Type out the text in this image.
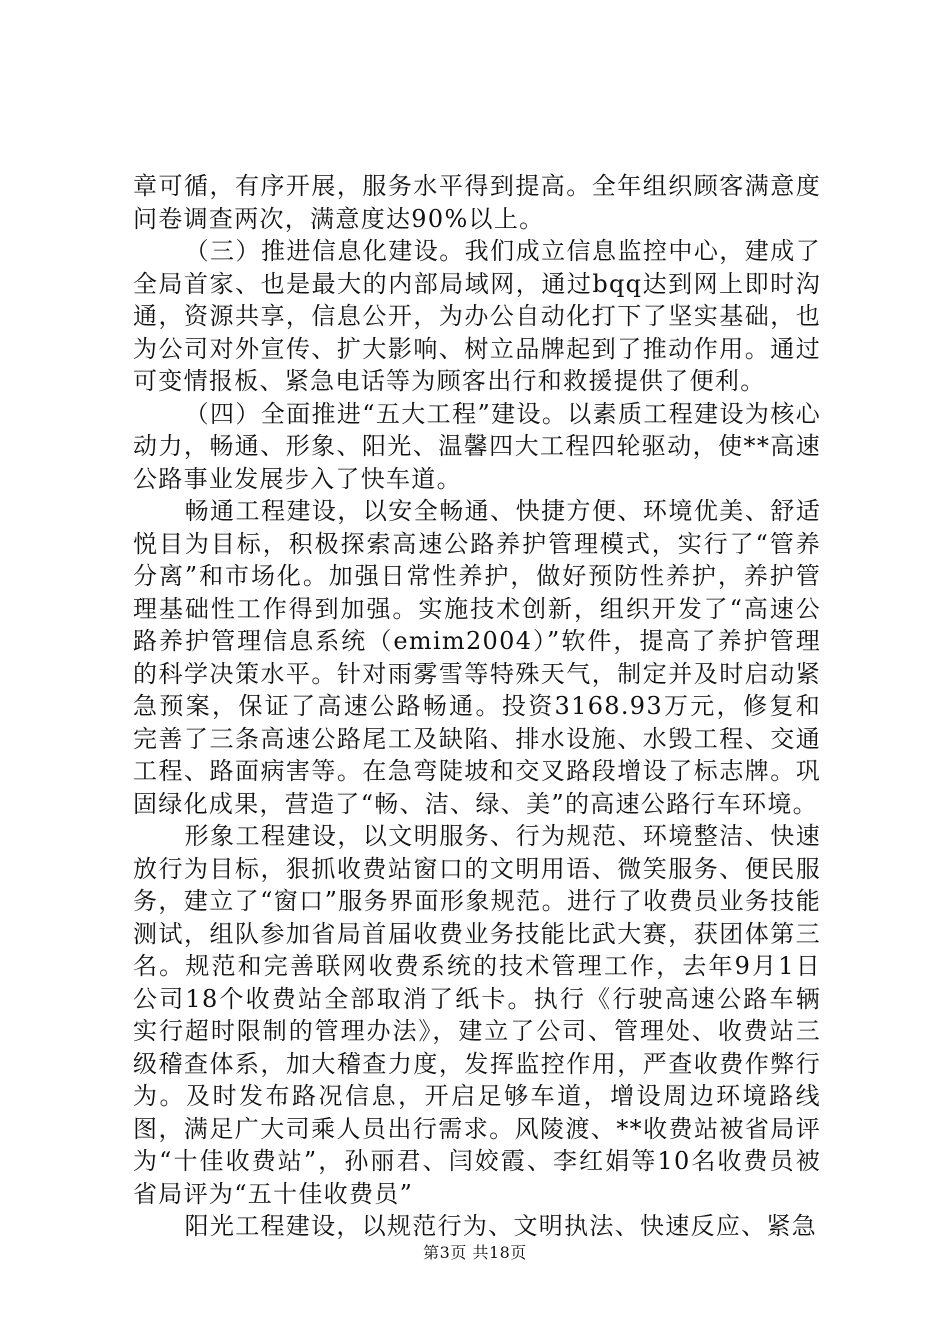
章可循，有序开展，服务水平得到提高。全年组织顾客满意度问卷调查两次，满意度达90%以上。

（三）推进信息化建设。我们成立信息监控中心，建成了全局首家、也是最大的内部局域网，通过bqq达到网上即时沟通，资源共享，信息公开，为办公自动化打下了坚实基础，也为公司对外宣传、扩大影响、树立品牌起到了推动作用。通过可变情报板、紧急电话等为顾客出行和救援提供了便利。

（四）全面推进“五大工程”建设。以素质工程建设为核心动力，畅通、形象、阳光、温馨四大工程四轮驱动，使**高速公路事业发展步入了快车道。

畅通工程建设，以安全畅通、快捷方便、环境优美、舒适悦目为目标，积极探索高速公路养护管理模式，实行了“管养分离”和市场化。加强日常性养护，做好预防性养护，养护管理基础性工作得到加强。实施技术创新，组织开发了“高速公路养护管理信息系统（emim2004）”软件，提高了养护管理的科学决策水平。针对雨雾雪等特殊天气，制定并及时启动紧急预案，保证了高速公路畅通。投资3168.93万元，修复和完善了三条高速公路尾工及缺陷、排水设施、水毁工程、交通工程、路面病害等。在急弯陡坡和交叉路段增设了标志牌。巩固绿化成果，营造了“畅、洁、绿、美”的高速公路行车环境。

形象工程建设，以文明服务、行为规范、环境整洁、快速放行为目标，狠抓收费站窗口的文明用语、微笑服务、便民服务，建立了“窗口”服务界面形象规范。进行了收费员业务技能测试，组队参加省局首届收费业务技能比武大赛，获团体第三名。规范和完善联网收费系统的技术管理工作，去年9月1日公司18个收费站全部取消了纸卡。执行《行驶高速公路车辆实行超时限制的管理办法》，建立了公司、管理处、收费站三级稽查体系，加大稽查力度，发挥监控作用，严查收费作弊行为。及时发布路况信息，开启足够车道，增设周边环境路线图，满足广大司乘人员出行需求。风陵渡、**收费站被省局评为“十佳收费站”，孙丽君、闫姣霞、李红娟等10名收费员被省局评为“五十佳收费员”

阳光工程建设，以规范行为、文明执法、快速反应、紧急

第3页 共18页
